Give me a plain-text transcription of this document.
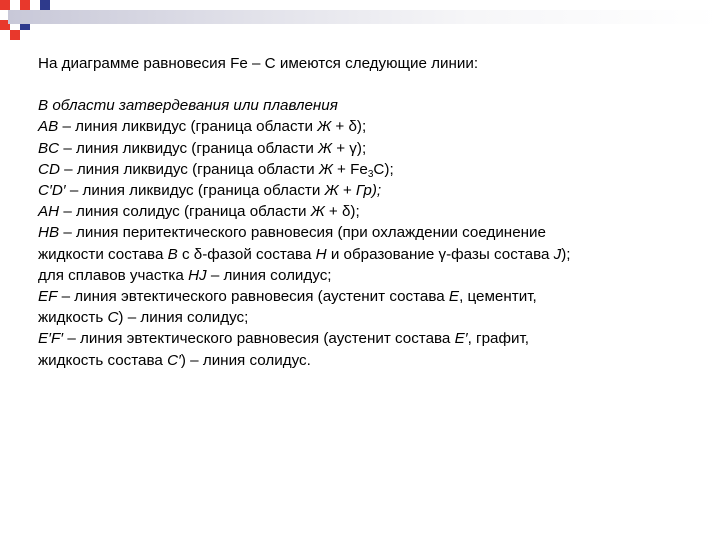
На диаграмме равновесия Fe – C имеются следующие линии:

В области затвердевания или плавления

AB – линия ликвидус (граница области Ж + δ);

BC – линия ликвидус (граница области Ж + γ);

CD – линия ликвидус (граница области $Ж + Fe_3C$);

C′D′ – линия ликвидус (граница области Ж + Гр);

AH – линия солидус (граница области Ж + δ);

HB – линия перитектического равновесия (при охлаждении соединение

жидкости состава B с δ-фазой состава H и образование γ-фазы состава J);

для сплавов участка HJ – линия солидус;

EF – линия эвтектического равновесия (аустенит состава E, цементит,

жидкость C) – линия солидус;

E′F′ – линия эвтектического равновесия (аустенит состава E′, графит,

жидкость состава C′) – линия солидус.
